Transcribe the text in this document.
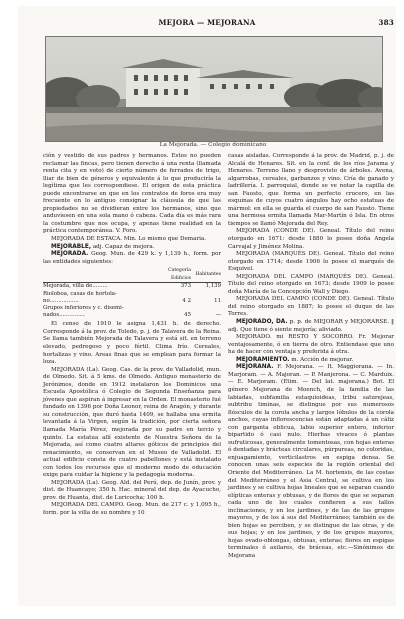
MEJORA — MEJORANA	383
La Mejorada. — Colegio dominicano

ción y vestido de sus padres y hermanos. Estos no pueden reclamar las fincas, pero tienen derecho á una renta (llamada renta cita y en voto) de cierto número de ferrados de trigo, lliar de bien de géneros y equivalente á lo que produciría la legítima que les correspondiese. El origen de esta práctica puede encontrarse en que en los contratos de foros era muy frecuente en lo antiguo consignar la cláusula de que las propiedades no se dividieran entre los hermanos, sino que anduviesen en una sola mano ó cabeza. Cada día es más rara la costumbre que nos ocupa, y apenas tiene realidad en la práctica contemporánea. V. Foro.

MEJORADA DE ESTACA. Min. Lo mismo que Demaria.

MEJORABLE, adj. Capaz de mejora.

MEJORADA. Geog. Mun. de 429 k. y 1,139 h., form. por las entidades siguientes:

	Categoría Edificios	Habitantes
Mejorada, villa de.........	373	1,139
Rioloboa, casas de hortola-		
no.................	4 2	11
Grupos inferiores y c. disemi-		
nados...............	45	—

El censo de 1910 le asigna 1,431 h. de derecho. Corresponde á la prov. de Toledo, p. j. de Talavera de la Reina. Se llama también Mejorada de Talavera y está sit. en terreno elevado, pedregoso y poco fértil. Clima frío. Cereales, hortalizas y vino. Areas finas que se emplean para formar la loza.

MEJORADA (La). Geog. Cas. de la prov. de Valladolid, mun. de Olmedo. Sit. á 5 kms. de Olmedo. Antiguo monasterio de Jerónimos, donde en 1912 instalaron los Dominicos una Escuela Apostólica ó Colegio de Segunda Enseñanza para jóvenes que aspiran á ingresar en la Orden. El monasterio fué fundado en 1396 por Doña Leonor, reina de Aragón, y durante su construcción, que duró hasta 1409, se hallaba una ermita levantada á la Virgen, según la tradición, por cierta señora llamada María Pérez, mejorada por su padre en tercio y quinto. La estatua allí existente de Nuestra Señora de la Mejorada, así como cuatro altares góticos de principios del renacimiento, se conservan en el Museo de Valladolid. El actual edificio consta de cuatro pabellones y está instalado con todos los recursos que el moderno modo de educación exige para cuidar la higiene y la pedagogía moderna.

MEJORADA (La). Geog. Ald. del Perú, dep. de Junín, prov. y dist. de Huancayo; 350 h. Hac. mineral del dep. de Ayacucho, prov. de Huanta, dist. de Luricocha; 100 h.

MEJORADA DEL CAMPO. Geog. Mun. de 217 c. y 1,095 h., form. por la villa de su nombre y 10

casas aisladas. Corresponde á la prov. de Madrid, p. j. de Alcalá de Henares. Sit. en la conf. de los ríos Jarama y Henares. Terreno llano y desprovisto de árboles. Avena, algarrobas, cereales, garbanzos y vino. Cría de ganado y ladrillería. I. parroquial, donde se ve notar la capilla de san Fausto, que forma un perfecto crucero, en las esquinas de cuyos cuatro ángulos hay ocho estatuas de mármol: en ella se guarda el cuerpo de san Fausto. Tiene una hermosa ermita llamada Mar-Martín ó Isla. En otros tiempos se llamó Mejorada del Rey.

MEJORADA (CONDE DE). Geneal. Título del reino otorgado en 1671: desde 1880 lo posee doña Angela Carvajal y Jiménez Molina.

MEJORADA (MARQUÉS DE). Geneal. Título del reino otorgado en 1714; desde 1906 lo posee el marqués de Esquivel.

MEJORADA DEL CAMPO (MARQUÉS DE). Geneal. Título del reino otorgado en 1673; desde 1909 lo posee doña María de la Concepción Wall y Diego.

MEJORADA DEL CAMPO (CONDE DE). Geneal. Título del reino otorgado en 1887; lo posee el duque de las Torres.

MEJORADO, DA. p. p. de MEJORAR y MEJORARSE. ‖ adj. Que tiene ó siente mejoría; aliviado.

MEJORADO. mi RESTO Y SOCORRO. Fr. Mejorar ventajosamente, ó en tierra de otro. Entiendase que uno ha de hacer con ventaja y preferida á otra.

MEJORAMIENTO. m. Acción de mejorar.

MEJORANA. F. Mejorana. — It. Maggiorana. — In. Marjoram. — A. Majoran. — P. Manjerona. — C. Marduix. — E. Marjoram. (Etim. — Del lat. majorana.) Bot. El género Mejorana de Moench, de la familia de las labiadas, subfamilia estaquioideas, tribu saturejeas, subtribu timinas, se distingue por sus numerosos flósculos de la corola ancha y largos lóbulos de la corola anchos, cuyas inflorescencias están adaptadas á un cáliz con garganta oblicua, labio superior entero, inferior bipartido ó casi nulo. Hierbas vivaces ó plantas sufruticosas, generalmente tomentosas, con hojas enteras ó dentadas y brácteas circulares, púrpureas, no coloridas, enjuagamiento, verticilastros en espiga densa. Se conocen unas seis especies de la región oriental del Oriente del Mediterráneo. La M. hortensis, de las costas del Mediterráneo y el Asia Central, se cultiva en los jardines y se cultiva hojas lineales que se separan cuando elípticas enteras y obtusas, y de flores de que se separan cada uno de los cuales confieren a sus tallos inclinaciones, y en los jardines, y de las de las grupos mayores, y de los á sus del Mediterráneo; también es de bien hojas se perciben, y se distingue de las otras, y de sus hojas; y en los jardines, y de los grupos mayores, hojas ovado-oblongas, obtusas, enteras; flores en espigas terminales ó axilares, de bráceas, etc.—Sinónimos de Mejorana
